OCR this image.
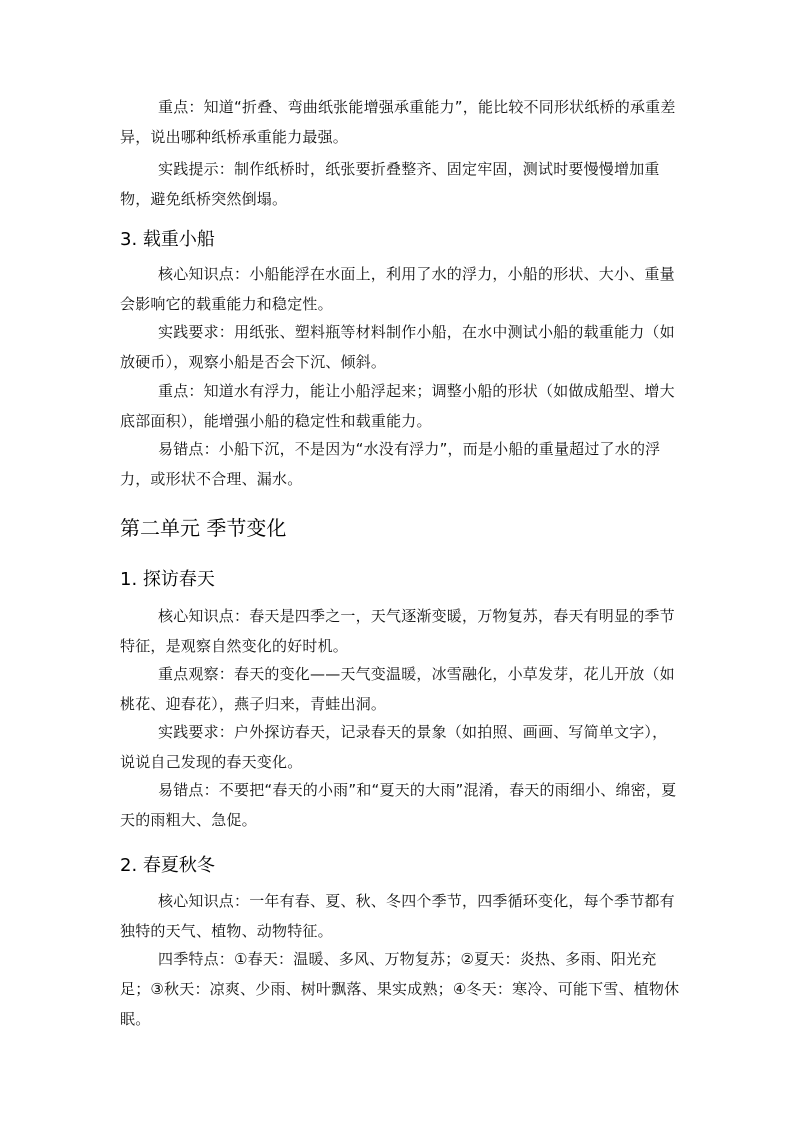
重点：知道“折叠、弯曲纸张能增强承重能力”，能比较不同形状纸桥的承重差异，说出哪种纸桥承重能力最强。

实践提示：制作纸桥时，纸张要折叠整齐、固定牢固，测试时要慢慢增加重物，避免纸桥突然倒塌。

3. 载重小船

核心知识点：小船能浮在水面上，利用了水的浮力，小船的形状、大小、重量会影响它的载重能力和稳定性。

实践要求：用纸张、塑料瓶等材料制作小船，在水中测试小船的载重能力（如放硬币），观察小船是否会下沉、倾斜。

重点：知道水有浮力，能让小船浮起来；调整小船的形状（如做成船型、增大底部面积），能增强小船的稳定性和载重能力。

易错点：小船下沉，不是因为“水没有浮力”，而是小船的重量超过了水的浮力，或形状不合理、漏水。

第二单元 季节变化
1. 探访春天

核心知识点：春天是四季之一，天气逐渐变暖，万物复苏，春天有明显的季节特征，是观察自然变化的好时机。

重点观察：春天的变化——天气变温暖，冰雪融化，小草发芽，花儿开放（如桃花、迎春花），燕子归来，青蛙出洞。

实践要求：户外探访春天，记录春天的景象（如拍照、画画、写简单文字），说说自己发现的春天变化。

易错点：不要把“春天的小雨”和“夏天的大雨”混淆，春天的雨细小、绵密，夏天的雨粗大、急促。

2. 春夏秋冬

核心知识点：一年有春、夏、秋、冬四个季节，四季循环变化，每个季节都有独特的天气、植物、动物特征。

四季特点：①春天：温暖、多风、万物复苏；②夏天：炎热、多雨、阳光充足；③秋天：凉爽、少雨、树叶飘落、果实成熟；④冬天：寒冷、可能下雪、植物休眠。
